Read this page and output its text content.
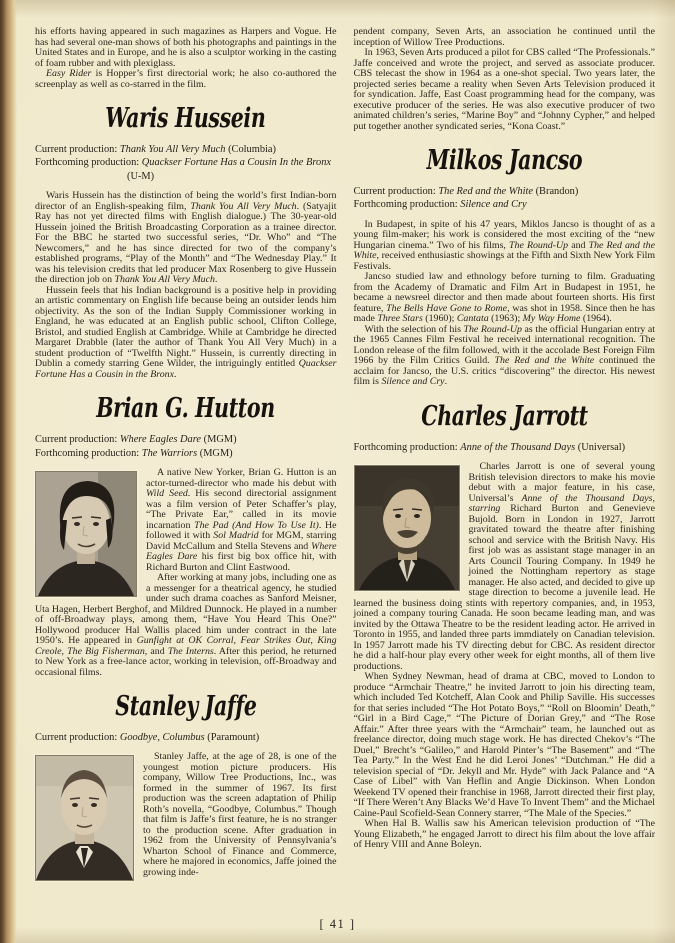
his efforts having appeared in such magazines as Harpers and Vogue. He has had several one-man shows of both his photographs and paintings in the United States and in Europe, and he is also a sculptor working in the casting of foam rubber and with plexiglass.

Easy Rider is Hopper’s first directorial work; he also co-authored the screenplay as well as co-starred in the film.

Waris Hussein

Current production: Thank You All Very Much (Columbia)

Forthcoming production: Quackser Fortune Has a Cousin In the Bronx (U-M)

Waris Hussein has the distinction of being the world’s first Indian-born director of an English-speaking film, Thank You All Very Much. (Satyajit Ray has not yet directed films with English dialogue.) The 30-year-old Hussein joined the British Broadcasting Corporation as a trainee director. For the BBC he started two successful series, “Dr. Who” and “The Newcomers,” and he has since directed for two of the company’s established programs, “Play of the Month” and “The Wednesday Play.” It was his television credits that led producer Max Rosenberg to give Hussein the direction job on Thank You All Very Much.

Hussein feels that his Indian background is a positive help in providing an artistic commentary on English life because being an outsider lends him objectivity. As the son of the Indian Supply Commissioner working in England, he was educated at an English public school, Clifton College, Bristol, and studied English at Cambridge. While at Cambridge he directed Margaret Drabble (later the author of Thank You All Very Much) in a student production of “Twelfth Night.” Hussein, is currently directing in Dublin a comedy starring Gene Wilder, the intriguingly entitled Quackser Fortune Has a Cousin in the Bronx.

Brian G. Hutton

Current production: Where Eagles Dare (MGM)

Forthcoming production: The Warriors (MGM)

A native New Yorker, Brian G. Hutton is an actor-turned-director who made his debut with Wild Seed. His second directorial assignment was a film version of Peter Schaffer’s play, “The Private Ear,” called in its movie incarnation The Pad (And How To Use It). He followed it with Sol Madrid for MGM, starring David McCallum and Stella Stevens and Where Eagles Dare his first big box office hit, with Richard Burton and Clint Eastwood.

After working at many jobs, including one as a messenger for a theatrical agency, he studied under such drama coaches as Sanford Meisner, Uta Hagen, Herbert Berghof, and Mildred Dunnock. He played in a number of off-Broadway plays, among them, “Have You Heard This One?” Hollywood producer Hal Wallis placed him under contract in the late 1950’s. He appeared in Gunfight at OK Corral, Fear Strikes Out, King Creole, The Big Fisherman, and The Interns. After this period, he returned to New York as a free-lance actor, working in television, off-Broadway and occasional films.

Stanley Jaffe

Current production: Goodbye, Columbus (Paramount)

Stanley Jaffe, at the age of 28, is one of the youngest motion picture producers. His company, Willow Tree Productions, Inc., was formed in the summer of 1967. Its first production was the screen adaptation of Philip Roth’s novella, “Goodbye, Columbus.” Though that film is Jaffe’s first feature, he is no stranger to the production scene. After graduation in 1962 from the University of Pennsylvania’s Wharton School of Finance and Commerce, where he majored in economics, Jaffe joined the growing inde-

pendent company, Seven Arts, an association he continued until the inception of Willow Tree Productions.

In 1963, Seven Arts produced a pilot for CBS called “The Professionals.” Jaffe conceived and wrote the project, and served as associate producer. CBS telecast the show in 1964 as a one-shot special. Two years later, the projected series became a reality when Seven Arts Television produced it for syndication. Jaffe, East Coast programming head for the company, was executive producer of the series. He was also executive producer of two animated children’s series, “Marine Boy” and “Johnny Cypher,” and helped put together another syndicated series, “Kona Coast.”

Milkos Jancso

Current production: The Red and the White (Brandon)

Forthcoming production: Silence and Cry

In Budapest, in spite of his 47 years, Miklos Jancso is thought of as a young film-maker; his work is considered the most exciting of the “new Hungarian cinema.” Two of his films, The Round-Up and The Red and the White, received enthusiastic showings at the Fifth and Sixth New York Film Festivals.

Jancso studied law and ethnology before turning to film. Graduating from the Academy of Dramatic and Film Art in Budapest in 1951, he became a newsreel director and then made about fourteen shorts. His first feature, The Bells Have Gone to Rome, was shot in 1958. Since then he has made Three Stars (1960); Cantata (1963); My Way Home (1964).

With the selection of his The Round-Up as the official Hungarian entry at the 1965 Cannes Film Festival he received international recognition. The London release of the film followed, with it the accolade Best Foreign Film 1966 by the Film Critics Guild. The Red and the White continued the acclaim for Jancso, the U.S. critics “discovering” the director. His newest film is Silence and Cry.

Charles Jarrott

Forthcoming production: Anne of the Thousand Days (Universal)

Charles Jarrott is one of several young British television directors to make his movie debut with a major feature, in his case, Universal’s Anne of the Thousand Days, starring Richard Burton and Genevieve Bujold. Born in London in 1927, Jarrott gravitated toward the theatre after finishing school and service with the British Navy. His first job was as assistant stage manager in an Arts Council Touring Company. In 1949 he joined the Nottingham repertory as stage manager. He also acted, and decided to give up stage direction to become a juvenile lead. He learned the business doing stints with repertory companies, and, in 1953, joined a company touring Canada. He soon became leading man, and was invited by the Ottawa Theatre to be the resident leading actor. He arrived in Toronto in 1955, and landed three parts immdiately on Canadian television. In 1957 Jarrott made his TV directing debut for CBC. As resident director he did a half-hour play every other week for eight months, all of them live productions.

When Sydney Newman, head of drama at CBC, moved to London to produce “Armchair Theatre,” he invited Jarrott to join his directing team, which included Ted Kotcheff, Alan Cook and Philip Saville. His successes for that series included “The Hot Potato Boys,” “Roll on Bloomin’ Death,” “Girl in a Bird Cage,” “The Picture of Dorian Grey,” and “The Rose Affair.” After three years with the “Armchair” team, he launched out as freelance director, doing much stage work. He has directed Chekov’s “The Duel,” Brecht’s “Galileo,” and Harold Pinter’s “The Basement” and “The Tea Party.” In the West End he did Leroi Jones’ “Dutchman.” He did a television special of “Dr. Jekyll and Mr. Hyde” with Jack Palance and “A Case of Libel” with Van Heflin and Angie Dickinson. When London Weekend TV opened their franchise in 1968, Jarrott directed their first play, “If There Weren’t Any Blacks We’d Have To Invent Them” and the Michael Caine-Paul Scofield-Sean Connery starrer, “The Male of the Species.”

When Hal B. Wallis saw his American television production of “The Young Elizabeth,” he engaged Jarrott to direct his film about the love affair of Henry VIII and Anne Boleyn.

[ 41 ]
